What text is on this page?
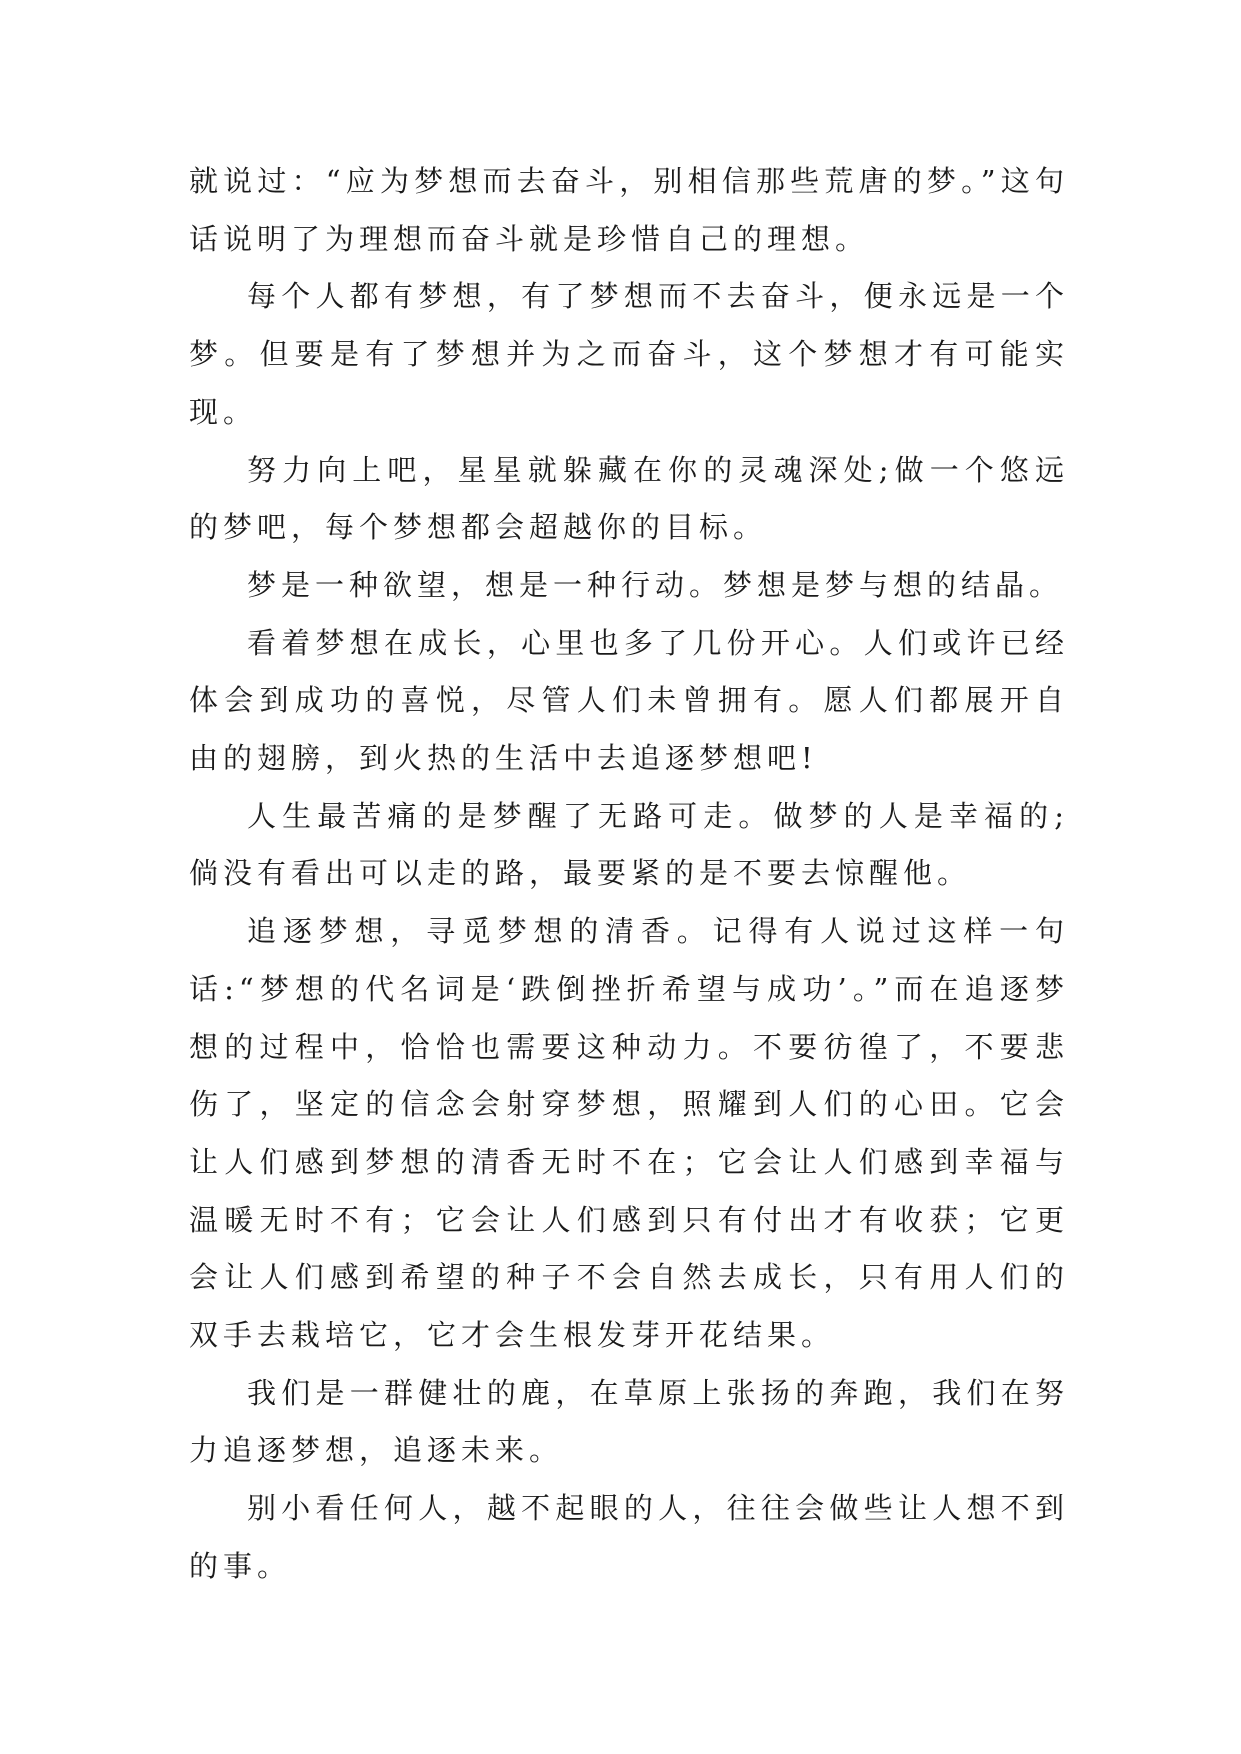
就说过：“应为梦想而去奋斗，别相信那些荒唐的梦。”这句话说明了为理想而奋斗就是珍惜自己的理想。

每个人都有梦想，有了梦想而不去奋斗，便永远是一个梦。但要是有了梦想并为之而奋斗，这个梦想才有可能实现。

努力向上吧，星星就躲藏在你的灵魂深处;做一个悠远的梦吧，每个梦想都会超越你的目标。

梦是一种欲望，想是一种行动。梦想是梦与想的结晶。

看着梦想在成长，心里也多了几份开心。人们或许已经体会到成功的喜悦，尽管人们未曾拥有。愿人们都展开自由的翅膀，到火热的生活中去追逐梦想吧!

人生最苦痛的是梦醒了无路可走。做梦的人是幸福的;倘没有看出可以走的路，最要紧的是不要去惊醒他。

追逐梦想，寻觅梦想的清香。记得有人说过这样一句话:“梦想的代名词是‘跌倒挫折希望与成功’。”而在追逐梦想的过程中，恰恰也需要这种动力。不要彷徨了，不要悲伤了，坚定的信念会射穿梦想，照耀到人们的心田。它会让人们感到梦想的清香无时不在；它会让人们感到幸福与温暖无时不有；它会让人们感到只有付出才有收获；它更会让人们感到希望的种子不会自然去成长，只有用人们的双手去栽培它，它才会生根发芽开花结果。

我们是一群健壮的鹿，在草原上张扬的奔跑，我们在努力追逐梦想，追逐未来。

别小看任何人，越不起眼的人，往往会做些让人想不到的事。
